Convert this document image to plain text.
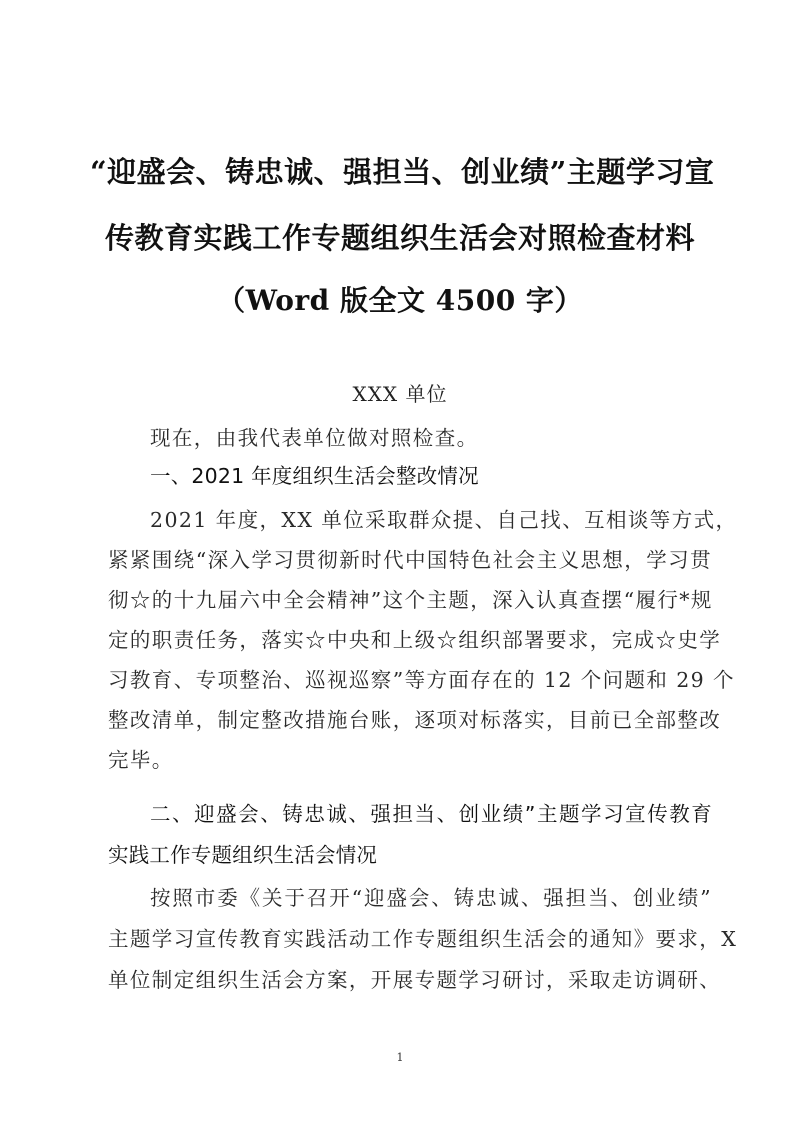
“迎盛会、铸忠诚、强担当、创业绩”主题学习宣
传教育实践工作专题组织生活会对照检查材料
（Word 版全文 4500 字）
XXX 单位
现在，由我代表单位做对照检查。
一、2021 年度组织生活会整改情况
2021 年度，XX 单位采取群众提、自己找、互相谈等方式，
紧紧围绕“深入学习贯彻新时代中国特色社会主义思想，学习贯
彻☆的十九届六中全会精神”这个主题，深入认真查摆“履行*规
定的职责任务，落实☆中央和上级☆组织部署要求，完成☆史学
习教育、专项整治、巡视巡察”等方面存在的 12 个问题和 29 个
整改清单，制定整改措施台账，逐项对标落实，目前已全部整改
完毕。
二、迎盛会、铸忠诚、强担当、创业绩”主题学习宣传教育
实践工作专题组织生活会情况
按照市委《关于召开“迎盛会、铸忠诚、强担当、创业绩”
主题学习宣传教育实践活动工作专题组织生活会的通知》要求，X
单位制定组织生活会方案，开展专题学习研讨，采取走访调研、
1
